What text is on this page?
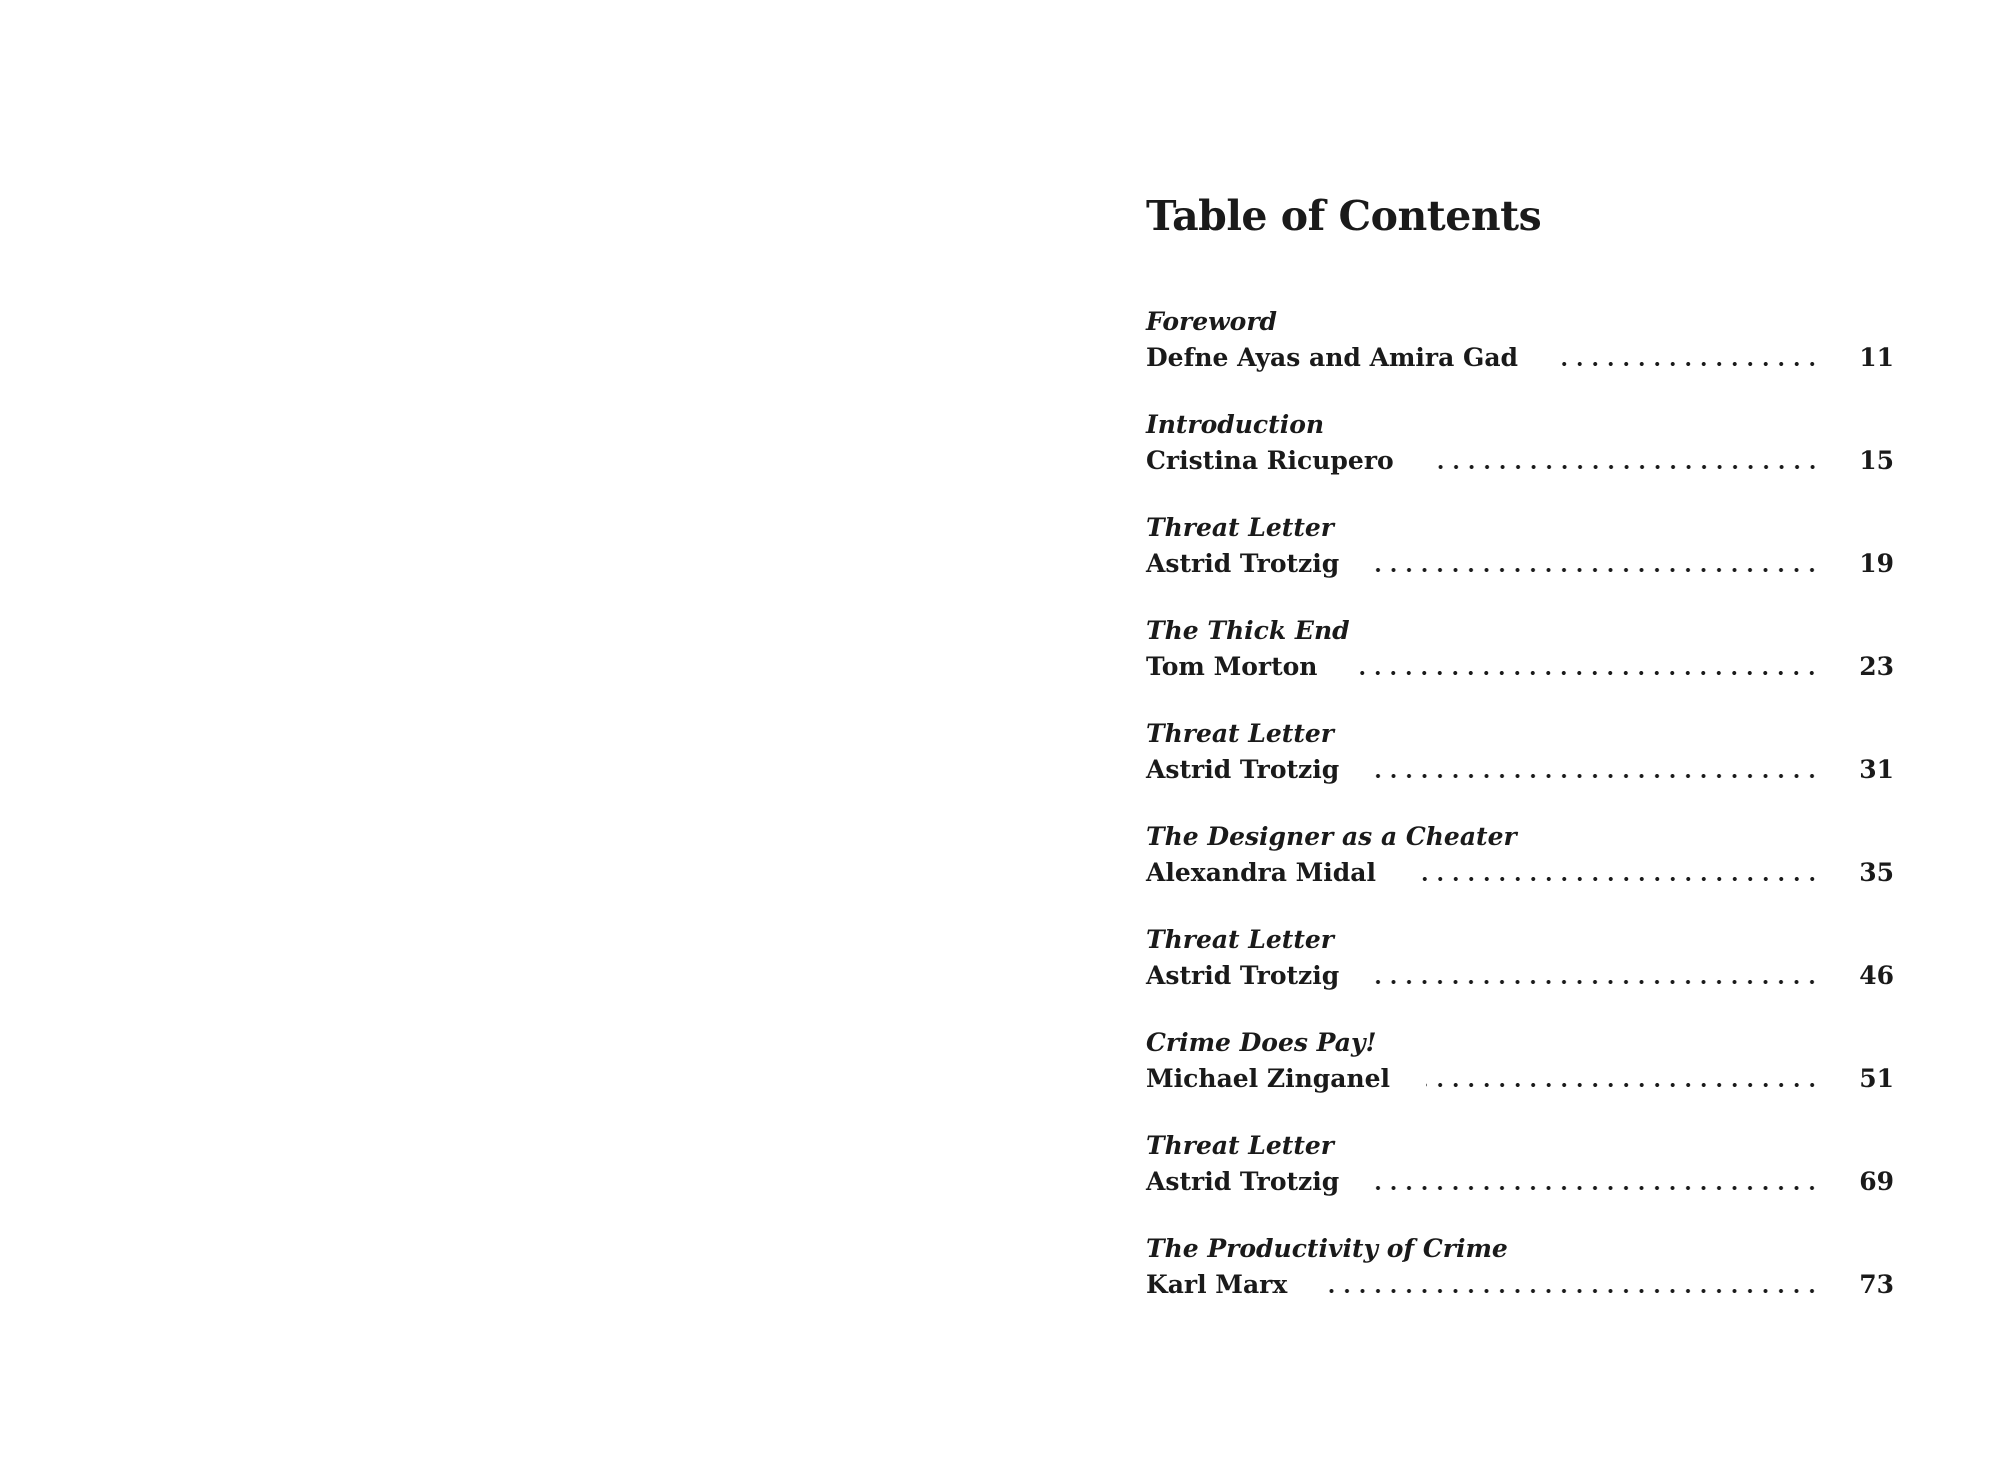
Table of Contents
Foreword
Defne Ayas and Amira Gad	11
Introduction
Cristina Ricupero	15
Threat Letter
Astrid Trotzig	19
The Thick End
Tom Morton	23
Threat Letter
Astrid Trotzig	31
The Designer as a Cheater
Alexandra Midal	35
Threat Letter
Astrid Trotzig	46
Crime Does Pay!
Michael Zinganel	51
Threat Letter
Astrid Trotzig	69
The Productivity of Crime
Karl Marx	73
